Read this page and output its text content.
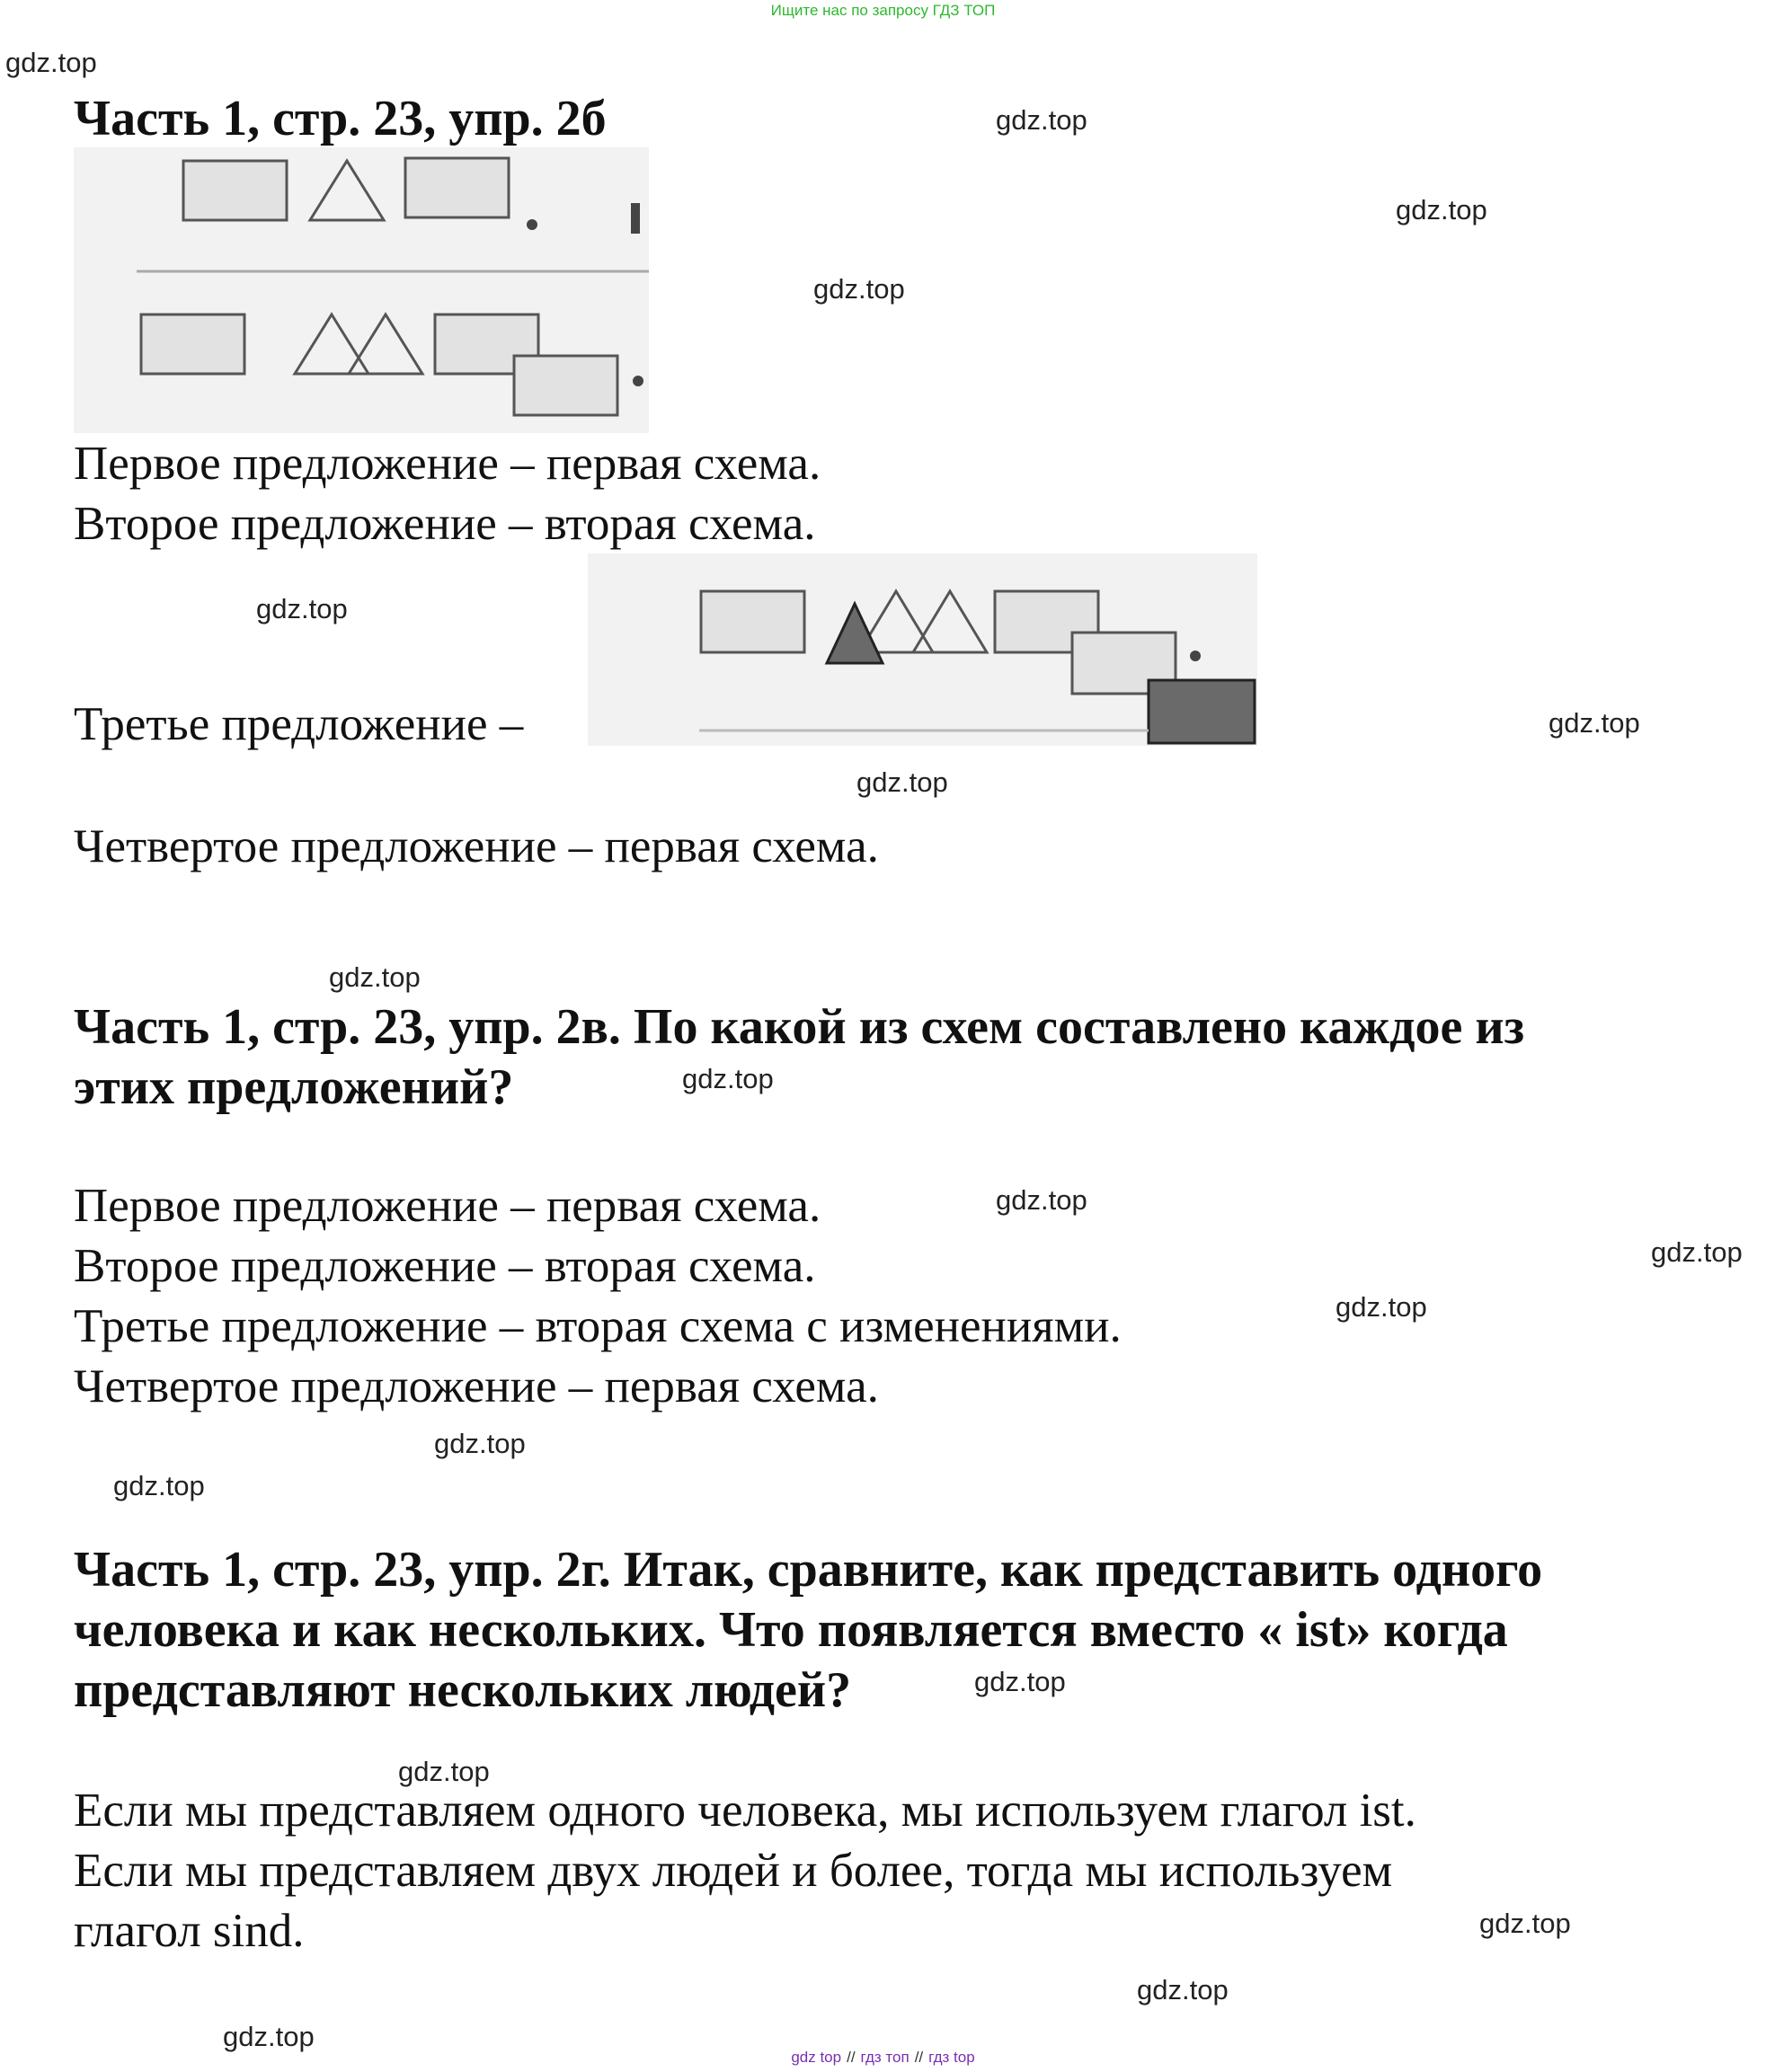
Ищите нас по запросу ГДЗ ТОП
gdz.top
gdz.top
gdz.top
gdz.top
gdz.top
gdz.top
gdz.top
gdz.top
gdz.top
gdz.top
gdz.top
gdz.top
gdz.top
gdz.top
gdz.top
gdz.top
gdz.top
gdz.top
gdz.top
gdz.top
Часть 1, стр. 23, упр. 2б
Первое предложение – первая схема.
Второе предложение – вторая схема.
Третье предложение –
Четвертое предложение – первая схема.
Часть 1, стр. 23, упр. 2в. По какой из схем составлено каждое из
этих предложений?
Первое предложение – первая схема.
Второе предложение – вторая схема.
Третье предложение – вторая схема с изменениями.
Четвертое предложение – первая схема.
Часть 1, стр. 23, упр. 2г. Итак, сравните, как представить одного
человека и как нескольких. Что появляется вместо « ist» когда
представляют нескольких людей?
Если мы представляем одного человека, мы используем глагол ist.
Если мы представляем двух людей и более, тогда мы используем
глагол sind.
gdz top // гдз топ // гдз top
